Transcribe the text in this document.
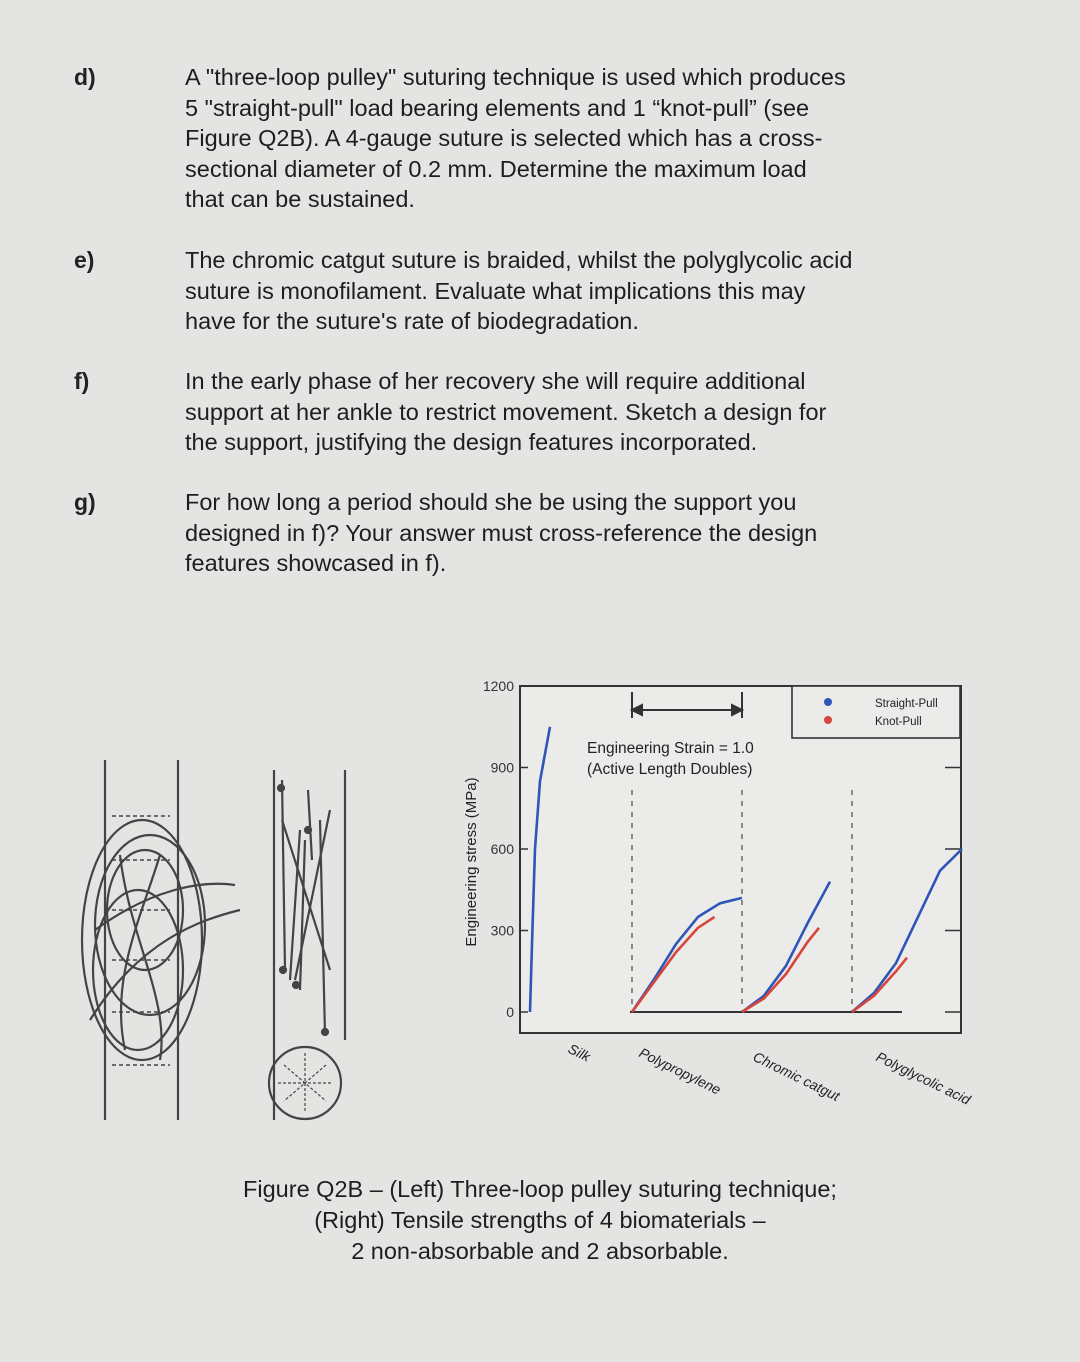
d)	A "three-loop pulley" suturing technique is used which produces
5 "straight-pull" load bearing elements and 1 “knot-pull” (see
Figure Q2B). A 4-gauge suture is selected which has a cross-
sectional diameter of 0.2 mm. Determine the maximum load
that can be sustained.
e)	The chromic catgut suture is braided, whilst the polyglycolic acid
suture is monofilament. Evaluate what implications this may
have for the suture's rate of biodegradation.
f)	In the early phase of her recovery she will require additional
support at her ankle to restrict movement. Sketch a design for
the support, justifying the design features incorporated.
g)	For how long a period should she be using the support you
designed in f)? Your answer must cross-reference the design
features showcased in f).
Engineering stress (MPa)
0
300
600
900
1200
Engineering Strain = 1.0
(Active Length Doubles)
Straight-Pull
Knot-Pull
Silk	Polypropylene Chromic catgut Polyglycolic acid
Figure Q2B – (Left) Three-loop pulley suturing technique;
(Right) Tensile strengths of 4 biomaterials –
2 non-absorbable and 2 absorbable.
